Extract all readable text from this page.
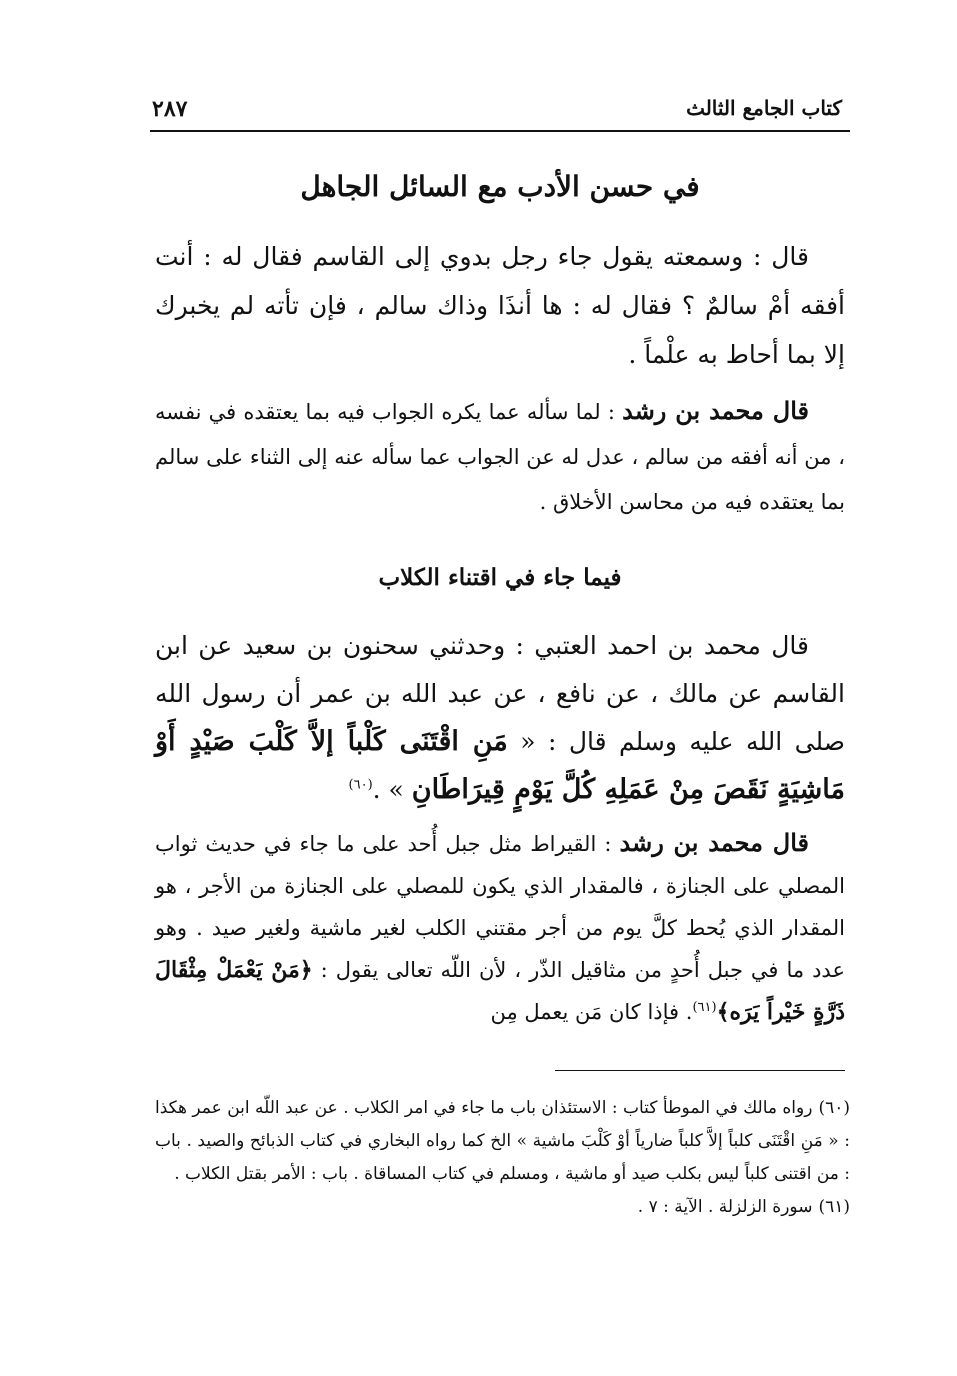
كتاب الجامع الثالث
٢٨٧
في حسن الأدب مع السائل الجاهل

قال : وسمعته يقول جاء رجل بدوي إلى القاسم فقال له : أنت أفقه أمْ سالمٌ ؟ فقال له : ها أنذَا وذاك سالم ، فإن تأته لم يخبرك إلا بما أحاط به علْماً .

قال محمد بن رشد : لما سأله عما يكره الجواب فيه بما يعتقده في نفسه ، من أنه أفقه من سالم ، عدل له عن الجواب عما سأله عنه إلى الثناء على سالم بما يعتقده فيه من محاسن الأخلاق .

فيما جاء في اقتناء الكلاب

قال محمد بن احمد العتبي : وحدثني سحنون بن سعيد عن ابن القاسم عن مالك ، عن نافع ، عن عبد الله بن عمر أن رسول الله صلى الله عليه وسلم قال : « مَنِ اقْتَنَى كَلْباً إلاَّ كَلْبَ صَيْدٍ أَوْ مَاشِيَةٍ نَقَصَ مِنْ عَمَلِهِ كُلَّ يَوْمٍ قِيرَاطَانِ » .$^{(٦٠)}$

قال محمد بن رشد : القيراط مثل جبل أُحد على ما جاء في حديث ثواب المصلي على الجنازة ، فالمقدار الذي يكون للمصلي على الجنازة من الأجر ، هو المقدار الذي يُحط كلَّ يوم من أجر مقتني الكلب لغير ماشية ولغير صيد . وهو عدد ما في جبل أُحدٍ من مثاقيل الذّر ، لأن اللّه تعالى يقول : ﴿مَنْ يَعْمَلْ مِثْقَالَ ذَرَّةٍ خَيْراً يَرَه﴾$^{(٦١)}$. فإذا كان مَن يعمل مِن

(٦٠)رواه مالك في الموطأ كتاب : الاستئذان باب ما جاء في امر الكلاب . عن عبد اللّه ابن عمر هكذا : « مَنِ اقْتَنَى كلباً إلاَّ كلباً ضارياً أوْ كَلْبَ ماشية » الخ كما رواه البخاري في كتاب الذبائح والصيد . باب : من اقتنى كلباً ليس بكلب صيد أو ماشية ، ومسلم في كتاب المساقاة . باب : الأمر بقتل الكلاب .

(٦١)سورة الزلزلة . الآية : ٧ .
